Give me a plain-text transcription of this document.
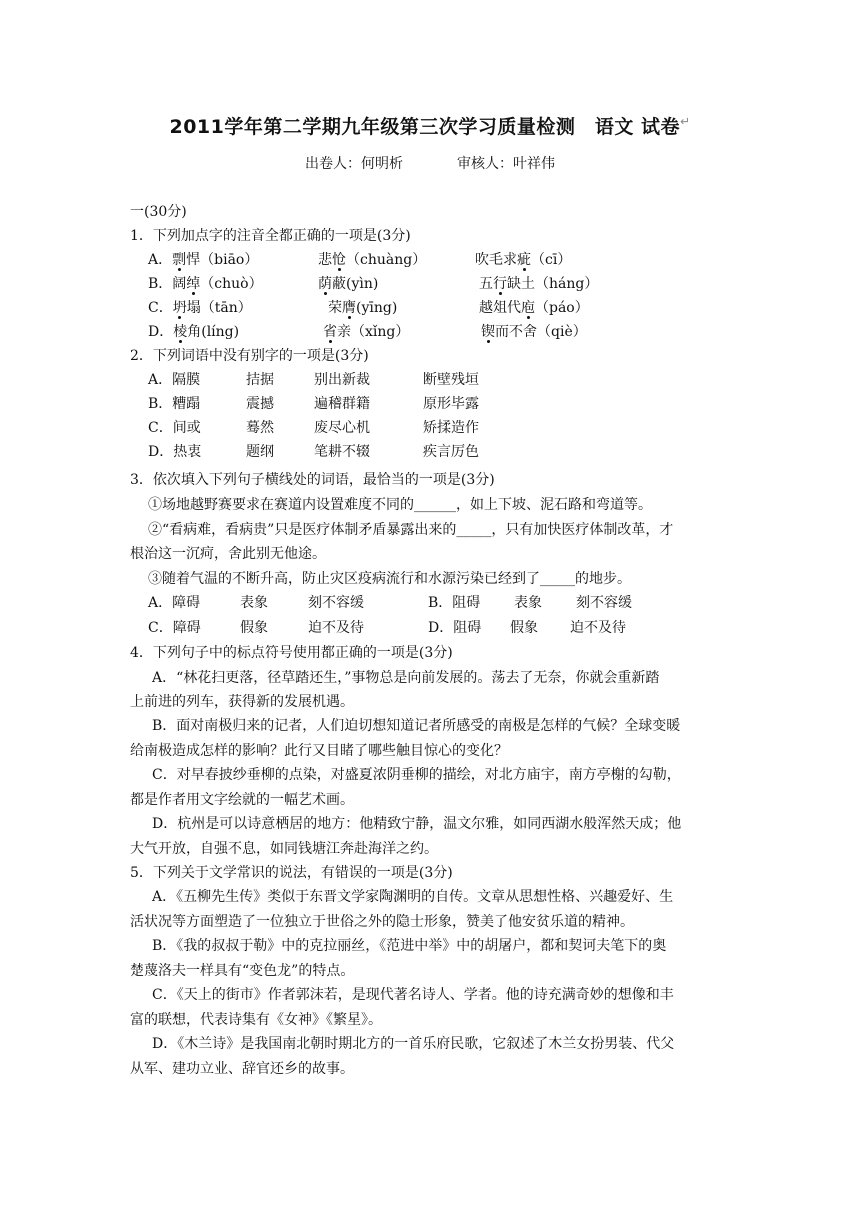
2011学年第二学期九年级第三次学习质量检测　语文 试卷↵
出卷人：何明析	审核人：叶祥伟
一(30分)
1．下列加点字的注音全都正确的一项是(3分)
A．剽悍（biāo）	悲怆（chuàng）	吹毛求疵（cī）
B．阔绰（chuò）	荫蔽(yìn)	五行缺土（háng）
C．坍塌（tān）	荣膺(yīng)	越俎代庖（páo）
D．棱角(líng)	省亲（xǐng）	锲而不舍（qiè）
2．下列词语中没有别字的一项是(3分)
A．隔膜	拮据	别出新裁	断壁残垣
B．糟蹋	震撼	遍稽群籍	原形毕露
C．间或	蓦然	废尽心机	矫揉造作
D．热衷	题纲	笔耕不辍	疾言厉色
3．依次填入下列句子横线处的词语，最恰当的一项是(3分)
①场地越野赛要求在赛道内设置难度不同的______，如上下坡、泥石路和弯道等。
②“看病难，看病贵”只是医疗体制矛盾暴露出来的_____，只有加快医疗体制改革，才
根治这一沉疴，舍此别无他途。
③随着气温的不断升高，防止灾区疫病流行和水源污染已经到了_____的地步。
A．障碍	表象	刻不容缓	B．阻碍 表象 刻不容缓
C．障碍	假象	迫不及待	D．阻碍 假象 迫不及待
4．下列句子中的标点符号使用都正确的一项是(3分)
A．“林花扫更落，径草踏还生，”事物总是向前发展的。荡去了无奈，你就会重新踏
上前进的列车，获得新的发展机遇。
B．面对南极归来的记者，人们迫切想知道记者所感受的南极是怎样的气候？全球变暖
给南极造成怎样的影响？此行又目睹了哪些触目惊心的变化？
C．对早春披纱垂柳的点染，对盛夏浓阴垂柳的描绘，对北方庙宇，南方亭榭的勾勒，
都是作者用文字绘就的一幅艺术画。
D．杭州是可以诗意栖居的地方：他精致宁静，温文尔雅，如同西湖水般浑然天成；他
大气开放，自强不息，如同钱塘江奔赴海洋之约。
5．下列关于文学常识的说法，有错误的一项是(3分)
A．《五柳先生传》类似于东晋文学家陶渊明的自传。文章从思想性格、兴趣爱好、生
活状况等方面塑造了一位独立于世俗之外的隐士形象，赞美了他安贫乐道的精神。
B．《我的叔叔于勒》中的克拉丽丝，《范进中举》中的胡屠户，都和契诃夫笔下的奥
楚蔑洛夫一样具有“变色龙”的特点。
C．《天上的街市》作者郭沫若，是现代著名诗人、学者。他的诗充满奇妙的想像和丰
富的联想，代表诗集有《女神》《繁星》。
D．《木兰诗》是我国南北朝时期北方的一首乐府民歌，它叙述了木兰女扮男装、代父
从军、建功立业、辞官还乡的故事。
